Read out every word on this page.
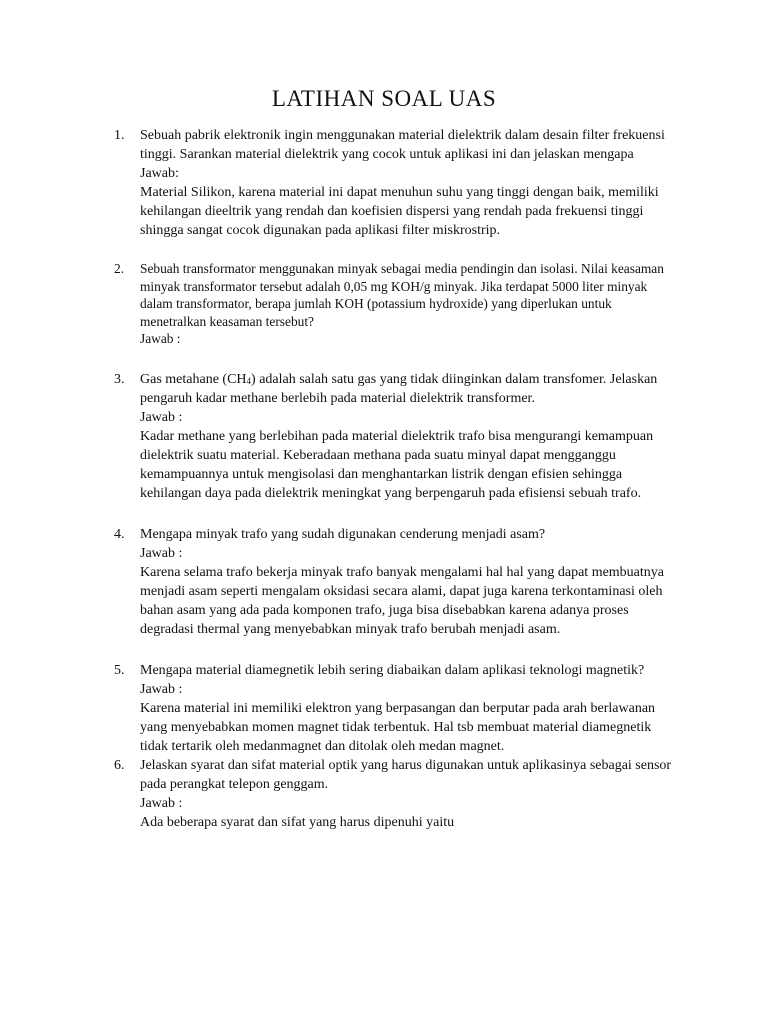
LATIHAN SOAL UAS
1. Sebuah pabrik elektronik ingin menggunakan material dielektrik dalam desain filter frekuensi tinggi. Sarankan material dielektrik yang cocok untuk aplikasi ini dan jelaskan mengapa

Jawab:

Material Silikon, karena material ini dapat menuhun suhu yang tinggi dengan baik, memiliki kehilangan dieeltrik yang rendah dan koefisien dispersi yang rendah pada frekuensi tinggi shingga sangat cocok digunakan pada aplikasi filter miskrostrip.

2. Sebuah transformator menggunakan minyak sebagai media pendingin dan isolasi. Nilai keasaman minyak transformator tersebut adalah 0,05 mg KOH/g minyak. Jika terdapat 5000 liter minyak dalam transformator, berapa jumlah KOH (potassium hydroxide) yang diperlukan untuk menetralkan keasaman tersebut?

Jawab :

3. Gas metahane $(CH_4)$ adalah salah satu gas yang tidak diinginkan dalam transfomer. Jelaskan pengaruh kadar methane berlebih pada material dielektrik transformer.

Jawab :

Kadar methane yang berlebihan pada material dielektrik trafo bisa mengurangi kemampuan dielektrik suatu material. Keberadaan methana pada suatu minyal dapat mengganggu kemampuannya untuk mengisolasi dan menghantarkan listrik dengan efisien sehingga kehilangan daya pada dielektrik meningkat yang berpengaruh pada efisiensi sebuah trafo.

4. Mengapa minyak trafo yang sudah digunakan cenderung menjadi asam?

Jawab :

Karena selama trafo bekerja minyak trafo banyak mengalami hal hal yang dapat membuatnya menjadi asam seperti mengalam oksidasi secara alami, dapat juga karena terkontaminasi oleh bahan asam yang ada pada komponen trafo, juga bisa disebabkan karena adanya proses degradasi thermal yang menyebabkan minyak trafo berubah menjadi asam.

5. Mengapa material diamegnetik lebih sering diabaikan dalam aplikasi teknologi magnetik?

Jawab :

Karena material ini memiliki elektron yang berpasangan dan berputar pada arah berlawanan yang menyebabkan momen magnet tidak terbentuk. Hal tsb membuat material diamegnetik tidak tertarik oleh medanmagnet dan ditolak oleh medan magnet.

6. Jelaskan syarat dan sifat material optik yang harus digunakan untuk aplikasinya sebagai sensor pada perangkat telepon genggam.

Jawab :

Ada beberapa syarat dan sifat yang harus dipenuhi yaitu
